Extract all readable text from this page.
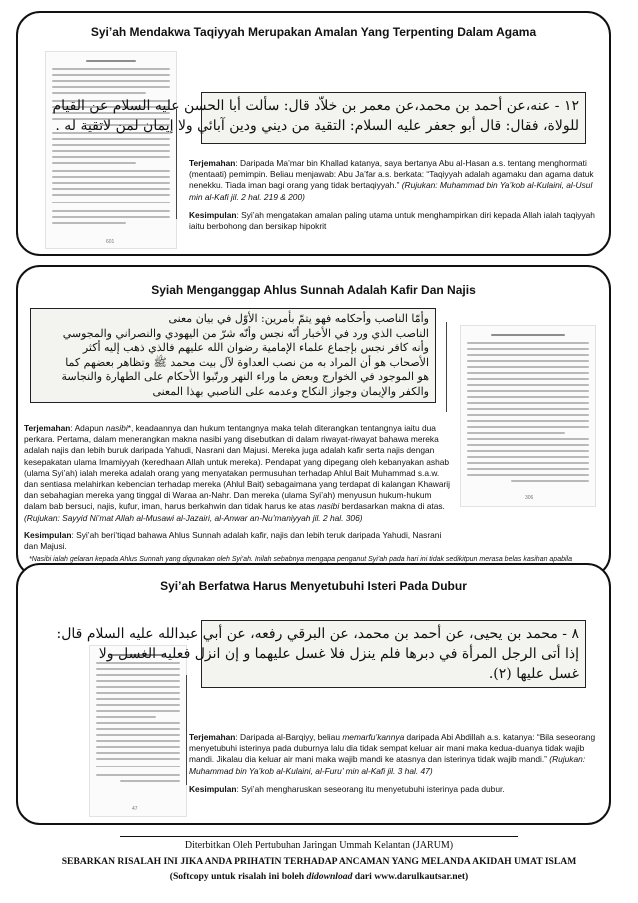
Syi’ah Mendakwa Taqiyyah Merupakan Amalan Yang Terpenting Dalam Agama
601
١٢ - عنه،عن أحمد بن محمد،عن معمر بن خلاّد قال: سألت أبا الحسن عليه السلام عن القيام
للولاة، فقال: قال أبو جعفر عليه السلام: التقية من ديني ودين آبائي ولا إيمان لمن لاتقية له .

Terjemahan: Daripada Ma’mar bin Khallad katanya, saya bertanya Abu al-Hasan a.s. tentang menghormati (mentaati) pemimpin. Beliau menjawab: Abu Ja’far a.s. berkata: “Taqiyyah adalah agamaku dan agama datuk nenekku. Tiada iman bagi orang yang tidak bertaqiyyah.” (Rujukan: Muhammad bin Ya’kob al-Kulaini, al-Usul min al-Kafi jil. 2 hal. 219 & 200)

Kesimpulan: Syi’ah mengatakan amalan paling utama untuk menghampirkan diri kepada Allah ialah taqiyyah iaitu berbohong dan bersikap hipokrit

Syiah Menganggap Ahlus Sunnah Adalah Kafir Dan Najis
وأمّا الناصب وأحكامه فهو يتمّ بأمرين: الأوّل في بيان معنى
الناصب الذي ورد في الأخبار أنّه نجس وأنّه شرّ من اليهودي والنصراني والمجوسي
وأنه كافر نجس بإجماع علماء الإمامية رضوان الله عليهم فالذي ذهب إليه أكثر
الأصحاب هو أن المراد به من نصب العداوة لآل بيت محمد ﷺ وتظاهر بعضهم كما
هو الموجود في الخوارج وبعض ما وراء النهر ورتّبوا الأحكام على الطهارة والنجاسة
والكفر والإيمان وجواز النكاح وعدمه على الناصبي بهذا المعنى
306

Terjemahan: Adapun nasibi*, keadaannya dan hukum tentangnya maka telah diterangkan tentangnya iaitu dua perkara. Pertama, dalam menerangkan makna nasibi yang disebutkan di dalam riwayat-riwayat bahawa mereka adalah najis dan lebih buruk daripada Yahudi, Nasrani dan Majusi. Mereka juga adalah kafir serta najis dengan kesepakatan ulama Imamiyyah (keredhaan Allah untuk mereka). Pendapat yang dipegang oleh kebanyakan ashab (ulama Syi’ah) ialah mereka adalah orang yang menyatakan permusuhan terhadap Ahlul Bait Muhammad s.a.w. dan sentiasa melahirkan kebencian terhadap mereka (Ahlul Bait) sebagaimana yang terdapat di kalangan Khawarij dan sebahagian mereka yang tinggal di Waraa an-Nahr. Dan mereka (ulama Syi’ah) menyusun hukum-hukum dalam bab bersuci, najis, kufur, iman, harus berkahwin dan tidak harus ke atas nasibi berdasarkan makna di atas. (Rujukan: Sayyid Ni’mat Allah al-Musawi al-Jazairi, al-Anwar an-Nu’maniyyah jil. 2 hal. 306)

Kesimpulan: Syi’ah beri’tiqad bahawa Ahlus Sunnah adalah kafir, najis dan lebih teruk daripada Yahudi, Nasrani dan Majusi.

*Nasibi ialah gelaran kepada Ahlus Sunnah yang digunakan oleh Syi’ah. Inilah sebabnya mengapa penganut Syi’ah pada hari ini tidak sedikitpun merasa belas kasihan apabila
Syi’ah Berfatwa Harus Menyetubuhi Isteri Pada Dubur
47
٨ - محمد بن يحيى، عن أحمد بن محمد، عن البرقي رفعه، عن أبي عبدالله عليه السلام قال:
إذا أتى الرجل المرأة في دبرها فلم ينزل فلا غسل عليهما و إن انزل فعليه الغسل ولا
غسل عليها (٢).

Terjemahan: Daripada al-Barqiyy, beliau memarfu’kannya daripada Abi Abdillah a.s. katanya: “Bila seseorang menyetubuhi isterinya pada duburnya lalu dia tidak sempat keluar air mani maka kedua-duanya tidak wajib mandi. Jikalau dia keluar air mani maka wajib mandi ke atasnya dan isterinya tidak wajib mandi.” (Rujukan: Muhammad bin Ya’kob al-Kulaini, al-Furu’ min al-Kafi jil. 3 hal. 47)

Kesimpulan: Syi’ah mengharuskan seseorang itu menyetubuhi isterinya pada dubur.

Diterbitkan Oleh Pertubuhan Jaringan Ummah Kelantan (JARUM)
SEBARKAN RISALAH INI JIKA ANDA PRIHATIN TERHADAP ANCAMAN YANG MELANDA AKIDAH UMAT ISLAM
(Softcopy untuk risalah ini boleh didownload dari www.darulkautsar.net)
